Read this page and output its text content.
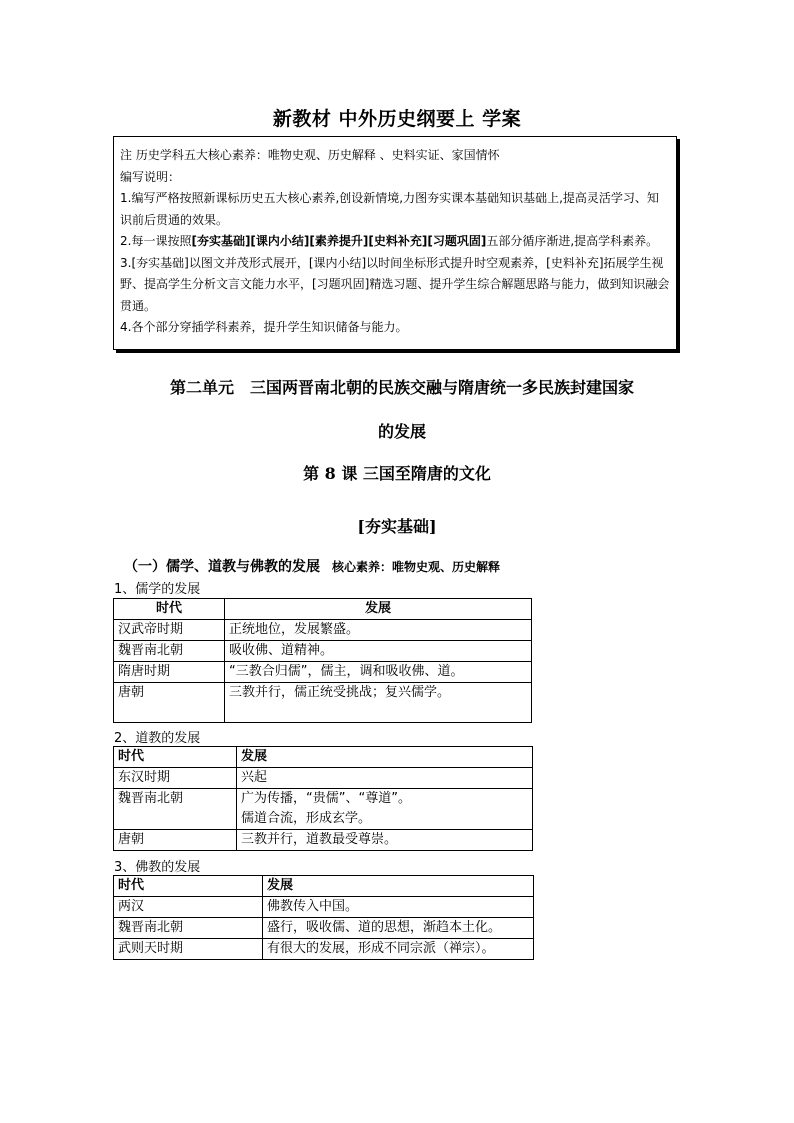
新教材 中外历史纲要上 学案

注 历史学科五大核心素养：唯物史观、历史解释 、史料实证、家国情怀

编写说明：

1.编写严格按照新课标历史五大核心素养,创设新情境,力图夯实课本基础知识基础上,提高灵活学习、知识前后贯通的效果。

2.每一课按照[夯实基础][课内小结][素养提升][史料补充][习题巩固]五部分循序渐进,提高学科素养。

3.[夯实基础]以图文并茂形式展开，[课内小结]以时间坐标形式提升时空观素养，[史料补充]拓展学生视野、提高学生分析文言文能力水平，[习题巩固]精选习题、提升学生综合解题思路与能力，做到知识融会贯通。

4.各个部分穿插学科素养，提升学生知识储备与能力。

第二单元　三国两晋南北朝的民族交融与隋唐统一多民族封建国家
的发展
第 8 课 三国至隋唐的文化
[夯实基础]
（一）儒学、道教与佛教的发展 核心素养：唯物史观、历史解释
1、儒学的发展
时代	发展
汉武帝时期	正统地位，发展繁盛。
魏晋南北朝	吸收佛、道精神。
隋唐时期	“三教合归儒”，儒主，调和吸收佛、道。
唐朝	三教并行，儒正统受挑战；复兴儒学。
2、道教的发展
时代	发展
东汉时期	兴起
魏晋南北朝	广为传播，“贵儒”、“尊道”。
儒道合流，形成玄学。

唐朝	三教并行，道教最受尊崇。
3、佛教的发展
时代	发展
两汉	佛教传入中国。
魏晋南北朝	盛行，吸收儒、道的思想，渐趋本土化。
武则天时期	有很大的发展，形成不同宗派（禅宗）。
